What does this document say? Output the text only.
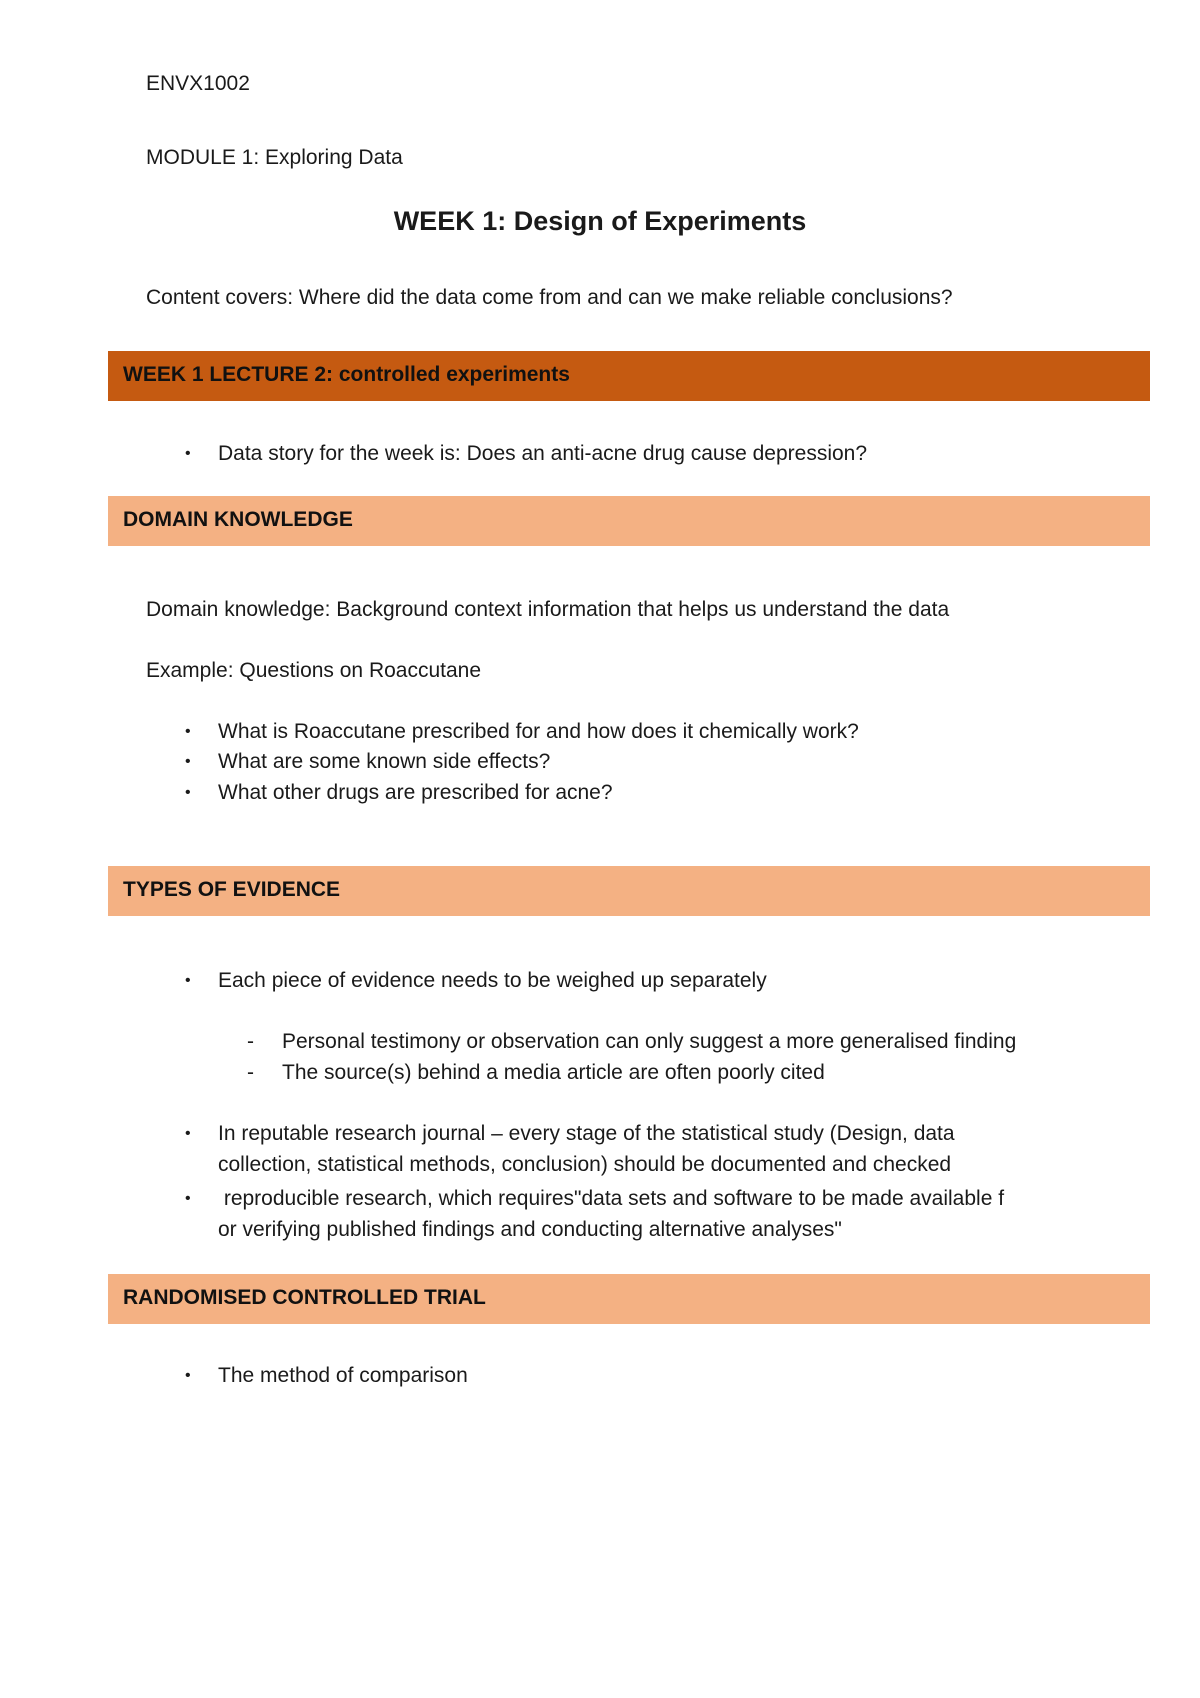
ENVX1002
MODULE 1: Exploring Data
WEEK 1: Design of Experiments
Content covers: Where did the data come from and can we make reliable conclusions?
WEEK 1 LECTURE 2: controlled experiments
• Data story for the week is: Does an anti-acne drug cause depression?
DOMAIN KNOWLEDGE
Domain knowledge: Background context information that helps us understand the data
Example: Questions on Roaccutane
• What is Roaccutane prescribed for and how does it chemically work?
• What are some known side effects?
• What other drugs are prescribed for acne?
TYPES OF EVIDENCE
• Each piece of evidence needs to be weighed up separately
- Personal testimony or observation can only suggest a more generalised finding
- The source(s) behind a media article are often poorly cited
• In reputable research journal – every stage of the statistical study (Design, data
collection, statistical methods, conclusion) should be documented and checked
• reproducible research, which requires"data sets and software to be made available f
or verifying published findings and conducting alternative analyses"
RANDOMISED CONTROLLED TRIAL
• The method of comparison
